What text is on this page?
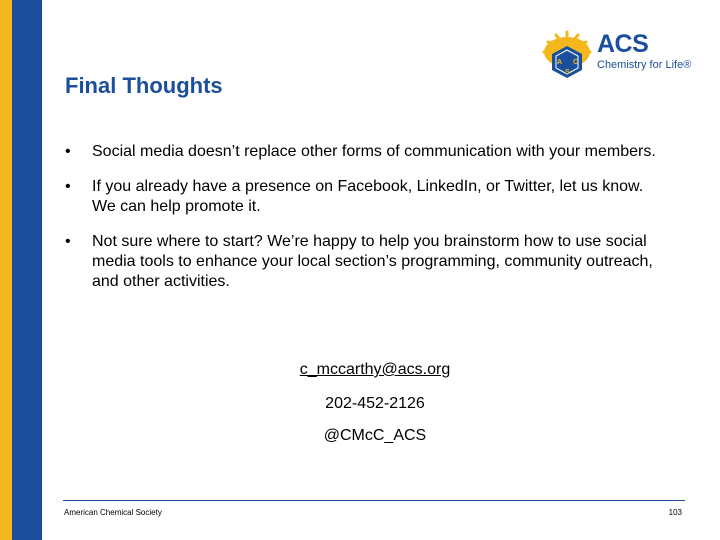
A C
S
ACS
Chemistry for Life®
Final Thoughts
• Social media doesn’t replace other forms of communication with your members.
• If you already have a presence on Facebook, LinkedIn, or Twitter, let us know. We can help promote it.
• Not sure where to start? We’re happy to help you brainstorm how to use social media tools to enhance your local section’s programming, community outreach, and other activities.
c_mccarthy@acs.org
202-452-2126
@CMcC_ACS
American Chemical Society	103
